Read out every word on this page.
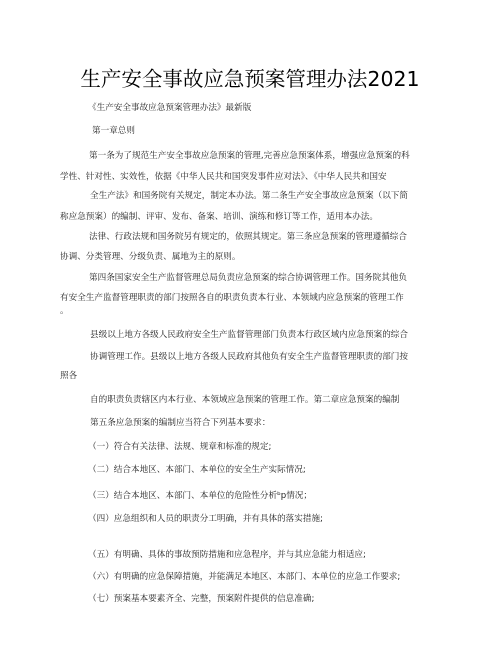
生产安全事故应急预案管理办法2021
《生产安全事故应急预案管理办法》最新版
第一章总则
第一条为了规范生产安全事故应急预案的管理,完善应急预案体系，增强应急预案的科
学性、针对性、实效性，依据《中华人民共和国突发事件应对法》、《中华人民共和国安
全生产法》和国务院有关规定，制定本办法。第二条生产安全事故应急预案（以下简
称应急预案）的编制、评审、发布、备案、培训、演练和修订等工作，适用本办法。
法律、行政法规和国务院另有规定的，依照其规定。第三条应急预案的管理遵循综合
协调、分类管理、分级负责、属地为主的原则。
第四条国家安全生产监督管理总局负责应急预案的综合协调管理工作。国务院其他负
有安全生产监督管理职责的部门按照各自的职责负责本行业、本领域内应急预案的管理工作
。
县级以上地方各级人民政府安全生产监督管理部门负责本行政区域内应急预案的综合
协调管理工作。县级以上地方各级人民政府其他负有安全生产监督管理职责的部门按
照各
自的职责负责辖区内本行业、本领域应急预案的管理工作。第二章应急预案的编制
第五条应急预案的编制应当符合下列基本要求：
（一）符合有关法律、法规、规章和标准的规定;
（二）结合本地区、本部门、本单位的安全生产实际情况;
（三）结合本地区、本部门、本单位的危险性分析ᵇp情况；
（四）应急组织和人员的职责分工明确，并有具体的落实措施;
（五）有明确、具体的事故预防措施和应急程序，并与其应急能力相适应;
（六）有明确的应急保障措施，并能满足本地区、本部门、本单位的应急工作要求;
（七）预案基本要素齐全、完整，预案附件提供的信息准确;
